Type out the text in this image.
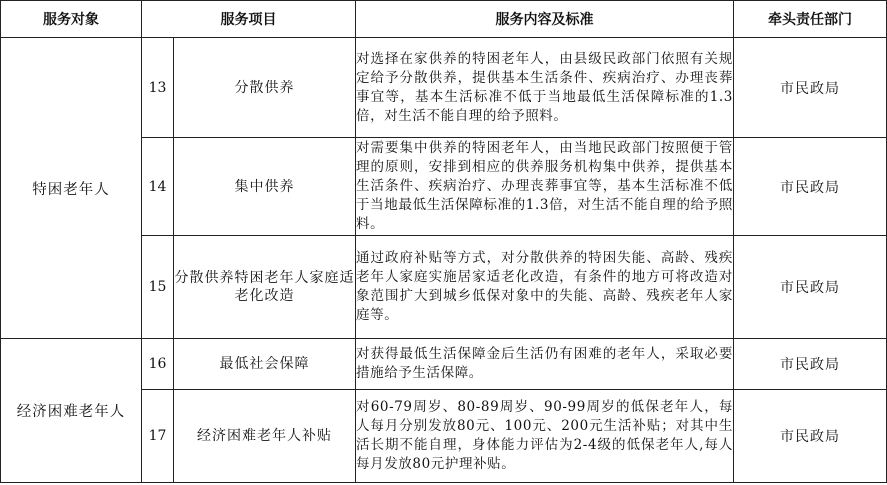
服务对象	服务项目		服务内容及标准	牵头责任部门
特困老年人	13	分散供养	对选择在家供养的特困老年人，由县级民政部门依照有关规定给予分散供养，提供基本生活条件、疾病治疗、办理丧葬事宜等，基本生活标准不低于当地最低生活保障标准的1.3倍，对生活不能自理的给予照料。	市民政局
	14	集中供养	对需要集中供养的特困老年人，由当地民政部门按照便于管理的原则，安排到相应的供养服务机构集中供养，提供基本生活条件、疾病治疗、办理丧葬事宜等，基本生活标准不低于当地最低生活保障标准的1.3倍，对生活不能自理的给予照料。	市民政局
	15	分散供养特困老年人家庭适老化改造	通过政府补贴等方式，对分散供养的特困失能、高龄、残疾老年人家庭实施居家适老化改造，有条件的地方可将改造对象范围扩大到城乡低保对象中的失能、高龄、残疾老年人家庭等。	市民政局
经济困难老年人	16	最低社会保障	对获得最低生活保障金后生活仍有困难的老年人，采取必要措施给予生活保障。	市民政局
	17	经济困难老年人补贴	对60-79周岁、80-89周岁、90-99周岁的低保老年人，每人每月分别发放80元、100元、200元生活补贴；对其中生活长期不能自理，身体能力评估为2-4级的低保老年人,每人每月发放80元护理补贴。	市民政局
